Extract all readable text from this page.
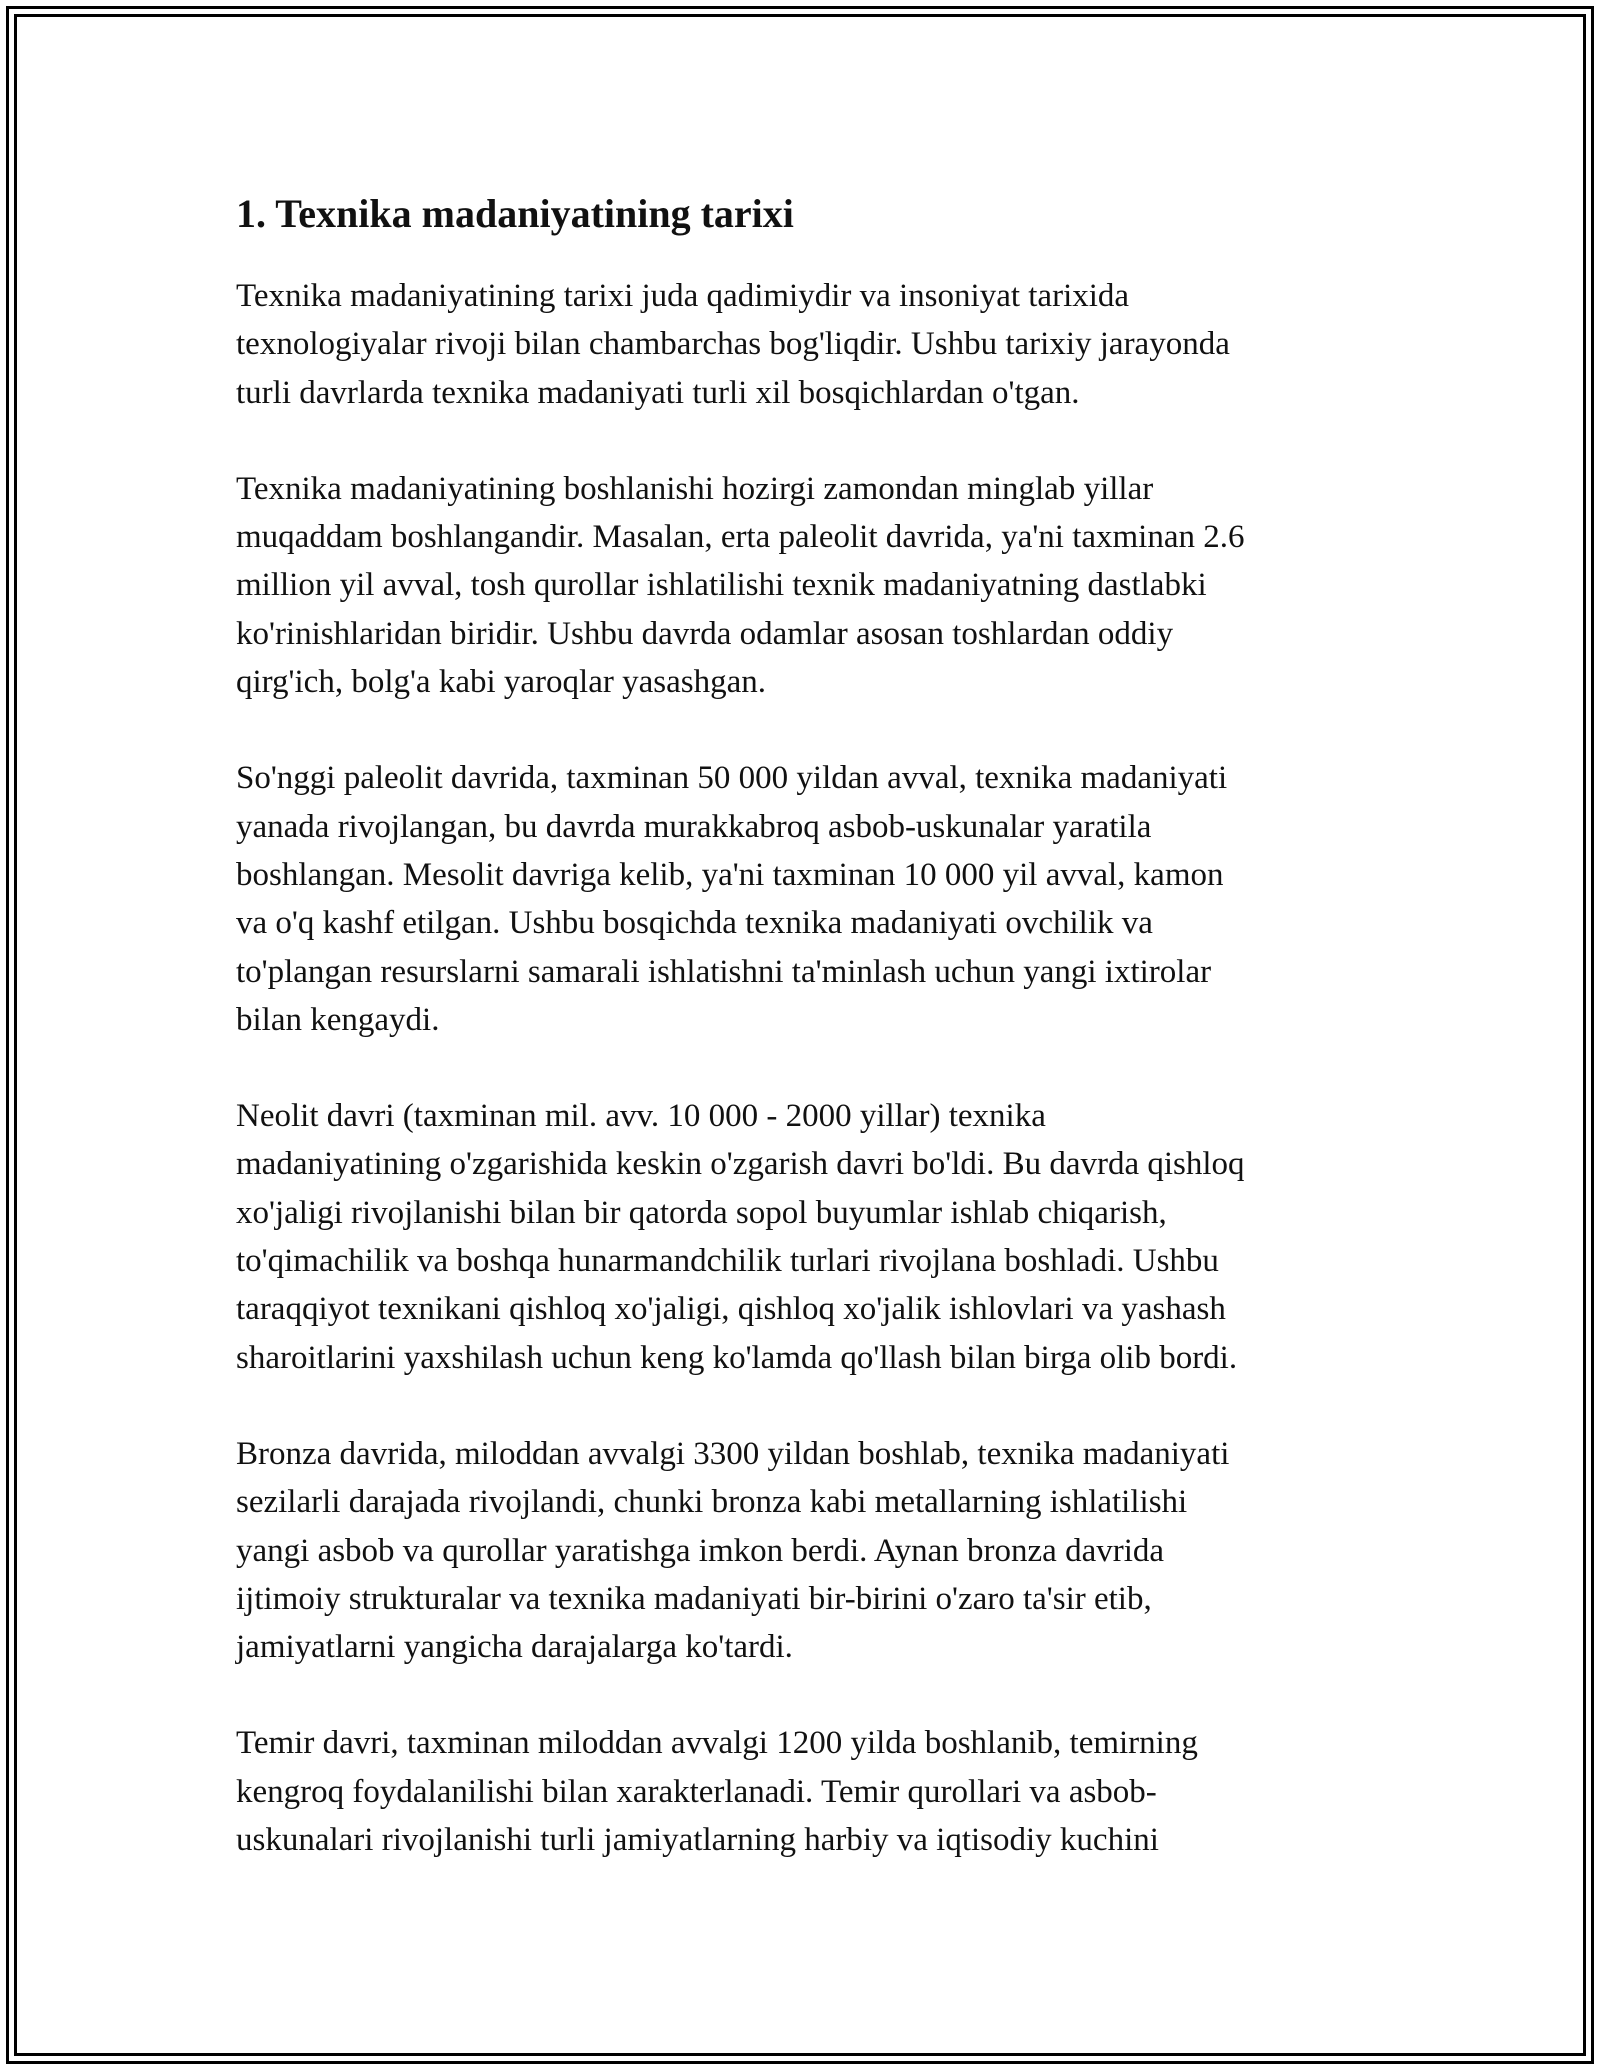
1. Texnika madaniyatining tarixi
Texnika madaniyatining tarixi juda qadimiydir va insoniyat tarixida
texnologiyalar rivoji bilan chambarchas bog'liqdir. Ushbu tarixiy jarayonda
turli davrlarda texnika madaniyati turli xil bosqichlardan o'tgan.
Texnika madaniyatining boshlanishi hozirgi zamondan minglab yillar
muqaddam boshlangandir. Masalan, erta paleolit davrida, ya'ni taxminan 2.6
million yil avval, tosh qurollar ishlatilishi texnik madaniyatning dastlabki
ko'rinishlaridan biridir. Ushbu davrda odamlar asosan toshlardan oddiy
qirg'ich, bolg'a kabi yaroqlar yasashgan.
So'nggi paleolit davrida, taxminan 50 000 yildan avval, texnika madaniyati
yanada rivojlangan, bu davrda murakkabroq asbob-uskunalar yaratila
boshlangan. Mesolit davriga kelib, ya'ni taxminan 10 000 yil avval, kamon
va o'q kashf etilgan. Ushbu bosqichda texnika madaniyati ovchilik va
to'plangan resurslarni samarali ishlatishni ta'minlash uchun yangi ixtirolar
bilan kengaydi.
Neolit davri (taxminan mil. avv. 10 000 - 2000 yillar) texnika
madaniyatining o'zgarishida keskin o'zgarish davri bo'ldi. Bu davrda qishloq
xo'jaligi rivojlanishi bilan bir qatorda sopol buyumlar ishlab chiqarish,
to'qimachilik va boshqa hunarmandchilik turlari rivojlana boshladi. Ushbu
taraqqiyot texnikani qishloq xo'jaligi, qishloq xo'jalik ishlovlari va yashash
sharoitlarini yaxshilash uchun keng ko'lamda qo'llash bilan birga olib bordi.
Bronza davrida, miloddan avvalgi 3300 yildan boshlab, texnika madaniyati
sezilarli darajada rivojlandi, chunki bronza kabi metallarning ishlatilishi
yangi asbob va qurollar yaratishga imkon berdi. Aynan bronza davrida
ijtimoiy strukturalar va texnika madaniyati bir-birini o'zaro ta'sir etib,
jamiyatlarni yangicha darajalarga ko'tardi.
Temir davri, taxminan miloddan avvalgi 1200 yilda boshlanib, temirning
kengroq foydalanilishi bilan xarakterlanadi. Temir qurollari va asbob-
uskunalari rivojlanishi turli jamiyatlarning harbiy va iqtisodiy kuchini
